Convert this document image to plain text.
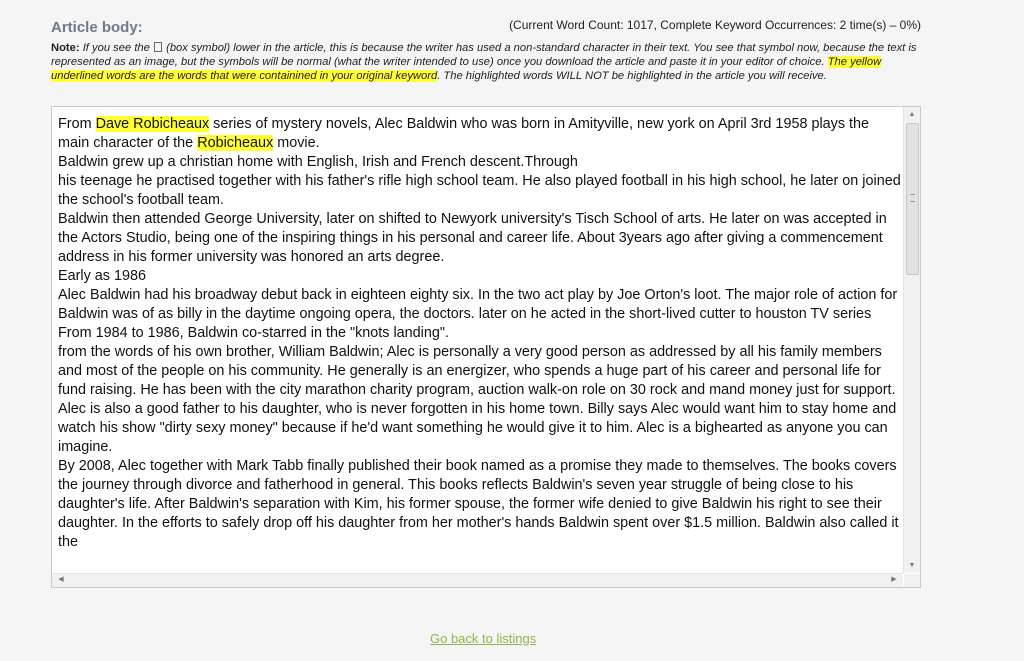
Article body:	(Current Word Count: 1017, Complete Keyword Occurrences: 2 time(s) – 0%)
Note: If you see the (box symbol) lower in the article, this is because the writer has used a non-standard character in their text. You see that symbol now, because the text is represented as an image, but the symbols will be normal (what the writer intended to use) once you download the article and paste it in your editor of choice. The yellow underlined words are the words that were containined in your original keyword. The highlighted words WILL NOT be highlighted in the article you will receive.

From Dave Robicheaux series of mystery novels, Alec Baldwin who was born in Amityville, new york on April 3rd 1958 plays the main character of the Robicheaux movie.

Baldwin grew up a christian home with English, Irish and French descent.Through

his teenage he practised together with his father's rifle high school team. He also played football in his high school, he later on joined the school's football team.

Baldwin then attended George University, later on shifted to Newyork university's Tisch School of arts. He later on was accepted in the Actors Studio, being one of the inspiring things in his personal and career life. About 3years ago after giving a commencement address in his former university was honored an arts degree.

Early as 1986

Alec Baldwin had his broadway debut back in eighteen eighty six. In the two act play by Joe Orton's loot. The major role of action for Baldwin was of as billy in the daytime ongoing opera, the doctors. later on he acted in the short-lived cutter to houston TV series From 1984 to 1986, Baldwin co-starred in the "knots landing".

from the words of his own brother, William Baldwin; Alec is personally a very good person as addressed by all his family members and most of the people on his community. He generally is an energizer, who spends a huge part of his career and personal life for fund raising. He has been with the city marathon charity program, auction walk-on role on 30 rock and mand money just for support. Alec is also a good father to his daughter, who is never forgotten in his home town. Billy says Alec would want him to stay home and watch his show "dirty sexy money" because if he'd want something he would give it to him. Alec is a bighearted as anyone you can imagine.

By 2008, Alec together with Mark Tabb finally published their book named as a promise they made to themselves. The books covers the journey through divorce and fatherhood in general. This books reflects Baldwin's seven year struggle of being close to his daughter's life. After Baldwin's separation with Kim, his former spouse, the former wife denied to give Baldwin his right to see their daughter. In the efforts to safely drop off his daughter from her mother's hands Baldwin spent over $1.5 million. Baldwin also called it the

▲
▼
◀	▶
Go back to listings
